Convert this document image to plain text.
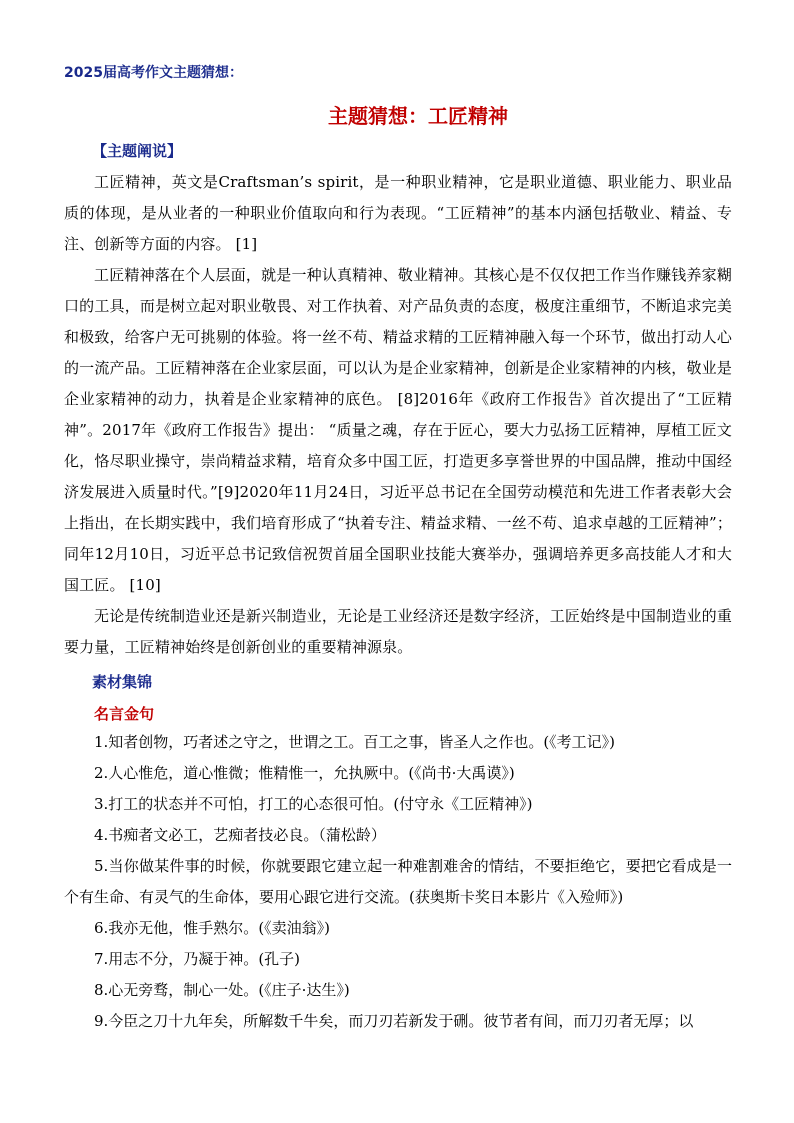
2025届高考作文主题猜想：
主题猜想：工匠精神
【主题阐说】
工匠精神，英文是Craftsman’s spirit，是一种职业精神，它是职业道德、职业能力、职业品质的体现，是从业者的一种职业价值取向和行为表现。“工匠精神”的基本内涵包括敬业、精益、专注、创新等方面的内容。 [1]
工匠精神落在个人层面，就是一种认真精神、敬业精神。其核心是不仅仅把工作当作赚钱养家糊口的工具，而是树立起对职业敬畏、对工作执着、对产品负责的态度，极度注重细节，不断追求完美和极致，给客户无可挑剔的体验。将一丝不苟、精益求精的工匠精神融入每一个环节，做出打动人心的一流产品。工匠精神落在企业家层面，可以认为是企业家精神，创新是企业家精神的内核，敬业是企业家精神的动力，执着是企业家精神的底色。 [8]2016年《政府工作报告》首次提出了“工匠精神”。2017年《政府工作报告》提出： “质量之魂，存在于匠心，要大力弘扬工匠精神，厚植工匠文化，恪尽职业操守，崇尚精益求精，培育众多中国工匠，打造更多享誉世界的中国品牌，推动中国经济发展进入质量时代。”[9]2020年11月24日，习近平总书记在全国劳动模范和先进工作者表彰大会上指出，在长期实践中，我们培育形成了“执着专注、精益求精、一丝不苟、追求卓越的工匠精神”；同年12月10日，习近平总书记致信祝贺首届全国职业技能大赛举办，强调培养更多高技能人才和大国工匠。 [10]
无论是传统制造业还是新兴制造业，无论是工业经济还是数字经济，工匠始终是中国制造业的重要力量，工匠精神始终是创新创业的重要精神源泉。
素材集锦
名言金句
1.知者创物，巧者述之守之，世谓之工。百工之事，皆圣人之作也。(《考工记》)
2.人心惟危，道心惟微；惟精惟一，允执厥中。(《尚书·大禹谟》)
3.打工的状态并不可怕，打工的心态很可怕。(付守永《工匠精神》)
4.书痴者文必工，艺痴者技必良。（蒲松龄）
5.当你做某件事的时候，你就要跟它建立起一种难割难舍的情结，不要拒绝它，要把它看成是一个有生命、有灵气的生命体，要用心跟它进行交流。(获奥斯卡奖日本影片《入殓师》)
6.我亦无他，惟手熟尔。(《卖油翁》)
7.用志不分，乃凝于神。(孔子)
8.心无旁骛，制心一处。(《庄子·达生》)
9.今臣之刀十九年矣，所解数千牛矣，而刀刃若新发于硎。彼节者有间，而刀刃者无厚；以
